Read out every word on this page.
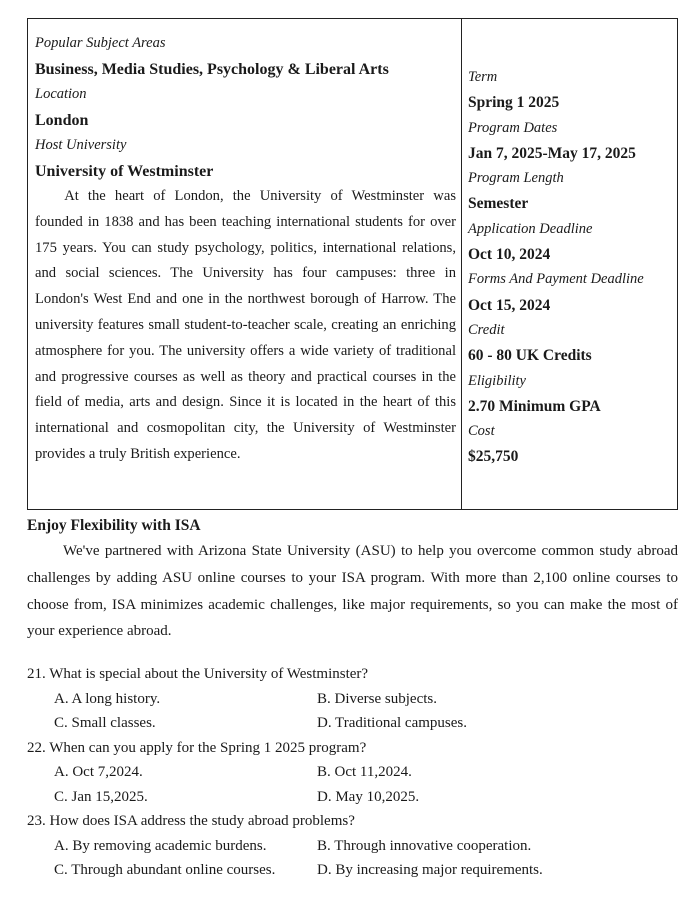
Popular Subject Areas
Business, Media Studies, Psychology & Liberal Arts
Location
London
Host University
University of Westminster

At the heart of London, the University of Westminster was founded in 1838 and has been teaching international students for over 175 years. You can study psychology, politics, international relations, and social sciences. The University has four campuses: three in London's West End and one in the northwest borough of Harrow. The university features small student-to-teacher scale, creating an enriching atmosphere for you. The university offers a wide variety of traditional and progressive courses as well as theory and practical courses in the field of media, arts and design. Since it is located in the heart of this international and cosmopolitan city, the University of Westminster provides a truly British experience.

Term
Spring 1 2025
Program Dates
Jan 7, 2025-May 17, 2025
Program Length
Semester
Application Deadline
Oct 10, 2024
Forms And Payment Deadline
Oct 15, 2024
Credit
60 - 80 UK Credits
Eligibility
2.70 Minimum GPA
Cost
$25,750

Enjoy Flexibility with ISA

We've partnered with Arizona State University (ASU) to help you overcome common study abroad challenges by adding ASU online courses to your ISA program. With more than 2,100 online courses to choose from, ISA minimizes academic challenges, like major requirements, so you can make the most of your experience abroad.

21. What is special about the University of Westminster?
A. A long history.	B. Diverse subjects.
C. Small classes.	D. Traditional campuses.
22. When can you apply for the Spring 1 2025 program?
A. Oct 7,2024.	B. Oct 11,2024.
C. Jan 15,2025.	D. May 10,2025.
23. How does ISA address the study abroad problems?
A. By removing academic burdens.	B. Through innovative cooperation.
C. Through abundant online courses.	D. By increasing major requirements.
